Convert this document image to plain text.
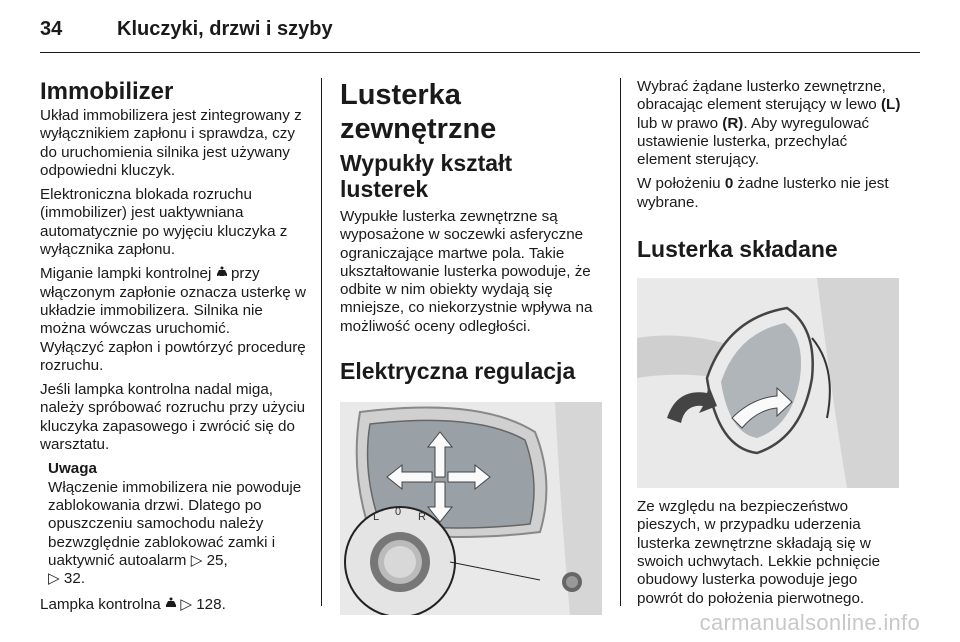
34	Kluczyki, drzwi i szyby
Immobilizer

Układ immobilizera jest zintegrowany z wyłącznikiem zapłonu i sprawdza, czy do uruchomienia silnika jest używany odpowiedni kluczyk.

Elektroniczna blokada rozruchu (immobilizer) jest uaktywniana automatycznie po wyjęciu kluczyka z wyłącznika zapłonu.

Miganie lampki kontrolnej przy włączonym zapłonie oznacza usterkę w układzie immobilizera. Silnika nie można wówczas uruchomić.

Wyłączyć zapłon i powtórzyć procedurę rozruchu.

Jeśli lampka kontrolna nadal miga, należy spróbować rozruchu przy użyciu kluczyka zapasowego i zwrócić się do warsztatu.

Uwaga

Włączenie immobilizera nie powoduje zablokowania drzwi. Dlatego po opuszczeniu samochodu należy bezwzględnie zablokować zamki i uaktywnić autoalarm ▷ 25,
▷ 32.

Lampka kontrolna ▷ 128.

Lusterka zewnętrzne
Wypukły kształt lusterek

Wypukłe lusterka zewnętrzne są wyposażone w soczewki asferyczne ograniczające martwe pola. Takie ukształtowanie lusterka powoduje, że odbite w nim obiekty wydają się mniejsze, co niekorzystnie wpływa na możliwość oceny odległości.

Elektryczna regulacja
L 0 R

Wybrać żądane lusterko zewnętrzne, obracając element sterujący w lewo (L) lub w prawo (R). Aby wyregulować ustawienie lusterka, przechylać element sterujący.

W położeniu 0 żadne lusterko nie jest wybrane.

Lusterka składane

Ze względu na bezpieczeństwo pieszych, w przypadku uderzenia lusterka zewnętrzne składają się w swoich uchwytach. Lekkie pchnięcie obudowy lusterka powoduje jego powrót do położenia pierwotnego.

carmanualsonline.info
